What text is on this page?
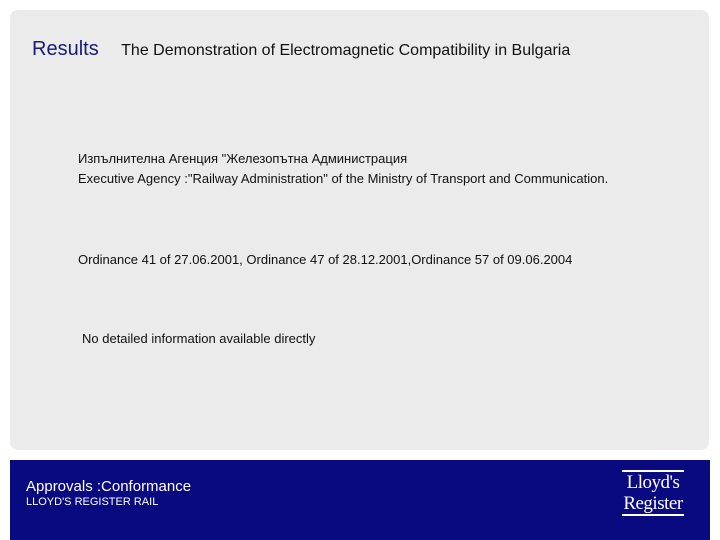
Results The Demonstration of Electromagnetic Compatibility in Bulgaria
Изпълнителна Агенция "Железопътна Администрация
Executive Agency :"Railway Administration" of the Ministry of Transport and Communication.
Ordinance 41 of 27.06.2001, Ordinance 47 of 28.12.2001,Ordinance 57 of 09.06.2004
No detailed information available directly
Approvals :Conformance
LLOYD'S REGISTER RAIL
Lloyd's
Register
